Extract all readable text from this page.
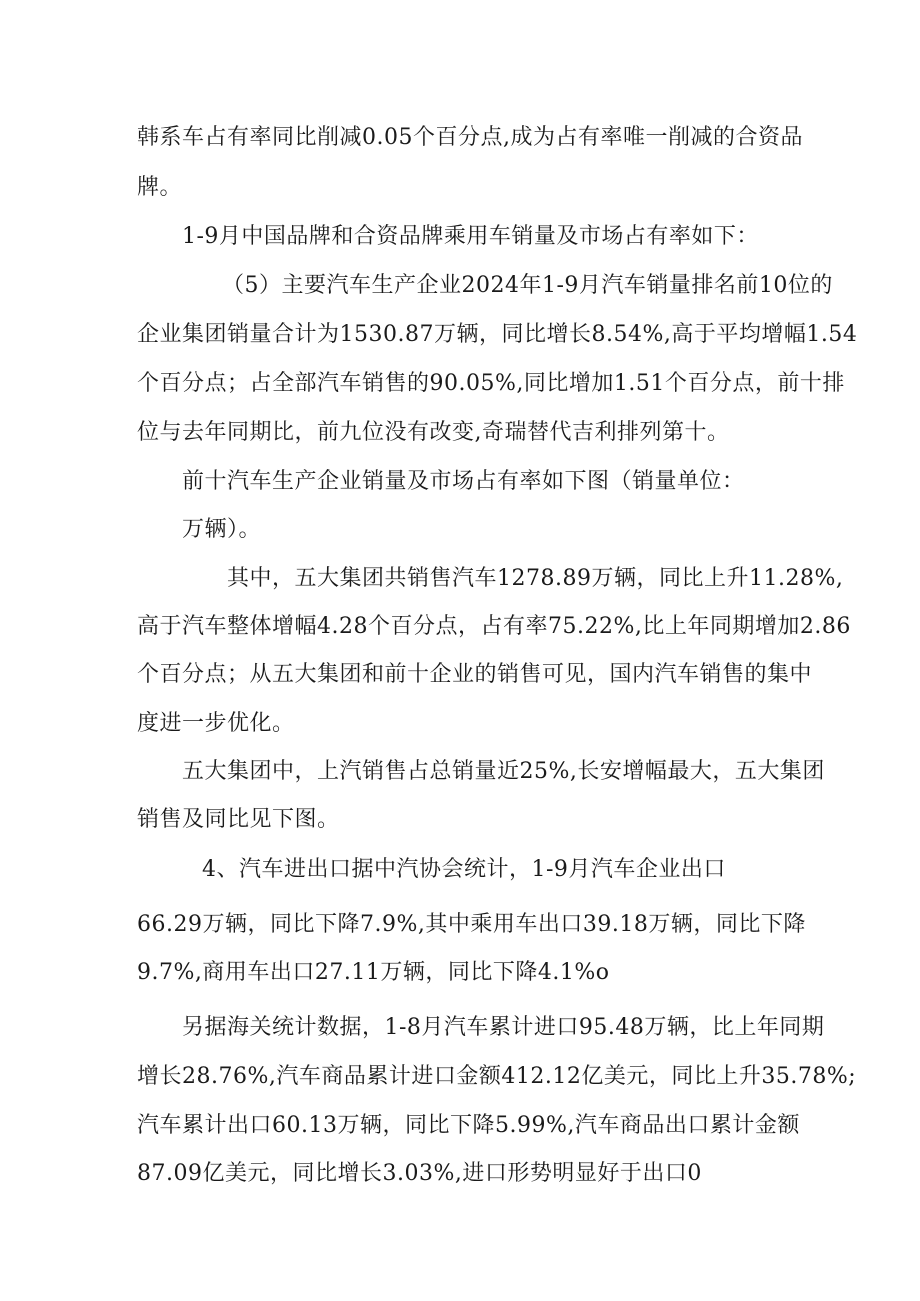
韩系车占有率同比削减0.05个百分点,成为占有率唯一削减的合资品
牌。
1-9月中国品牌和合资品牌乘用车销量及市场占有率如下：
（5）主要汽车生产企业2024年1-9月汽车销量排名前10位的
企业集团销量合计为1530.87万辆，同比增长8.54%,高于平均增幅1.54
个百分点；占全部汽车销售的90.05%,同比增加1.51个百分点，前十排
位与去年同期比，前九位没有改变,奇瑞替代吉利排列第十。
前十汽车生产企业销量及市场占有率如下图（销量单位：
万辆）。
其中，五大集团共销售汽车1278.89万辆，同比上升11.28%,
高于汽车整体增幅4.28个百分点，占有率75.22%,比上年同期增加2.86
个百分点；从五大集团和前十企业的销售可见，国内汽车销售的集中
度进一步优化。
五大集团中，上汽销售占总销量近25%,长安增幅最大，五大集团
销售及同比见下图。
4、汽车进出口据中汽协会统计，1-9月汽车企业出口
66.29万辆，同比下降7.9%,其中乘用车出口39.18万辆，同比下降
9.7%,商用车出口27.11万辆，同比下降4.1%o
另据海关统计数据，1-8月汽车累计进口95.48万辆，比上年同期
增长28.76%,汽车商品累计进口金额412.12亿美元，同比上升35.78%;
汽车累计出口60.13万辆，同比下降5.99%,汽车商品出口累计金额
87.09亿美元，同比增长3.03%,进口形势明显好于出口0
